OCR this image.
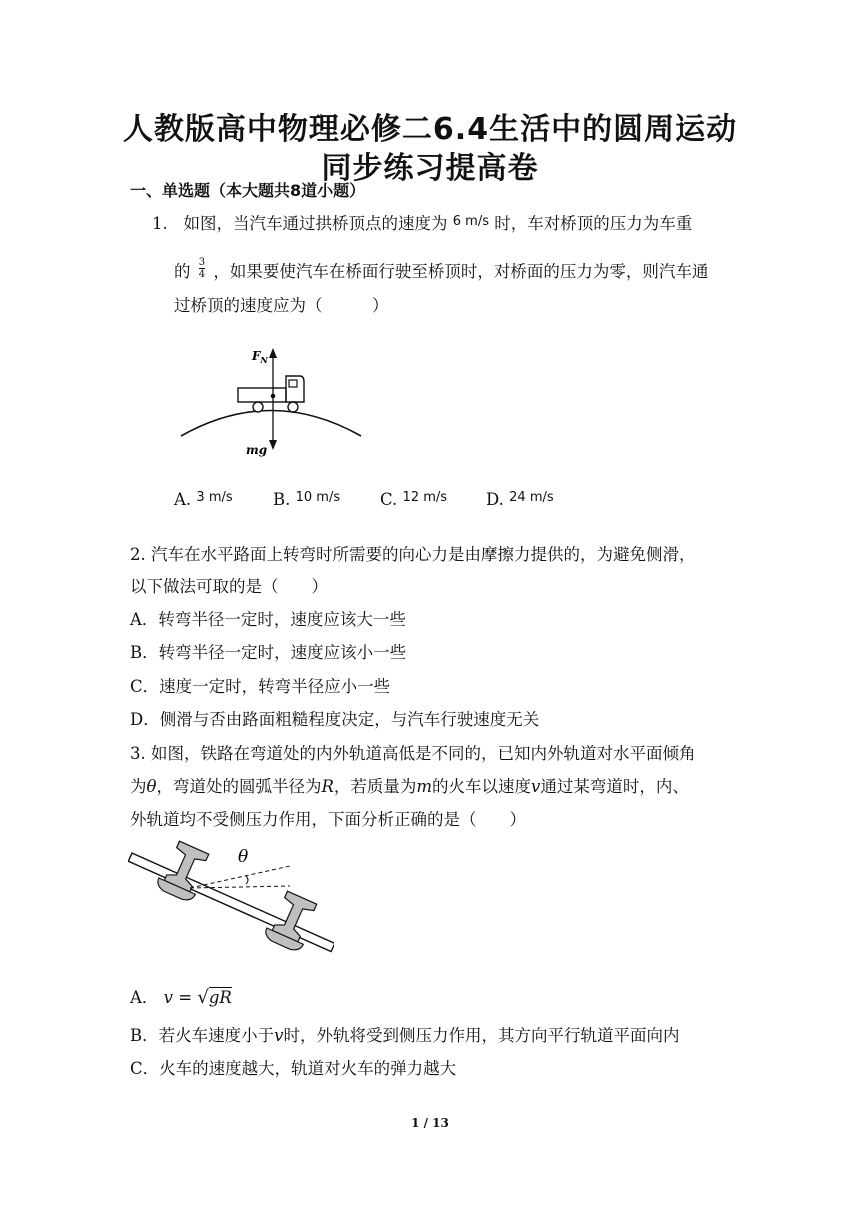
人教版高中物理必修二6.4生活中的圆周运动
同步练习提高卷
一、单选题（本大题共8道小题）
1. 如图，当汽车通过拱桥顶点的速度为 $^{6 m/s}$ 时，车对桥顶的压力为车重
的 $\frac{3}{4}$ ，如果要使汽车在桥面行驶至桥顶时，对桥面的压力为零，则汽车通
过桥顶的速度应为（　　　）
$F_N$
mg
A. $^{3 m/s}$ B. $^{10 m/s}$ C. $^{12 m/s}$ D. $^{24 m/s}$
2. 汽车在水平路面上转弯时所需要的向心力是由摩擦力提供的，为避免侧滑，
以下做法可取的是（　　）
A．转弯半径一定时，速度应该大一些
B．转弯半径一定时，速度应该小一些
C．速度一定时，转弯半径应小一些
D．侧滑与否由路面粗糙程度决定，与汽车行驶速度无关
3. 如图，铁路在弯道处的内外轨道高低是不同的，已知内外轨道对水平面倾角
为θ，弯道处的圆弧半径为R，若质量为m的火车以速度v通过某弯道时，内、
外轨道均不受侧压力作用，下面分析正确的是（　　）
θ
A． v = √gR
B．若火车速度小于v时，外轨将受到侧压力作用，其方向平行轨道平面向内
C．火车的速度越大，轨道对火车的弹力越大
1 / 13
